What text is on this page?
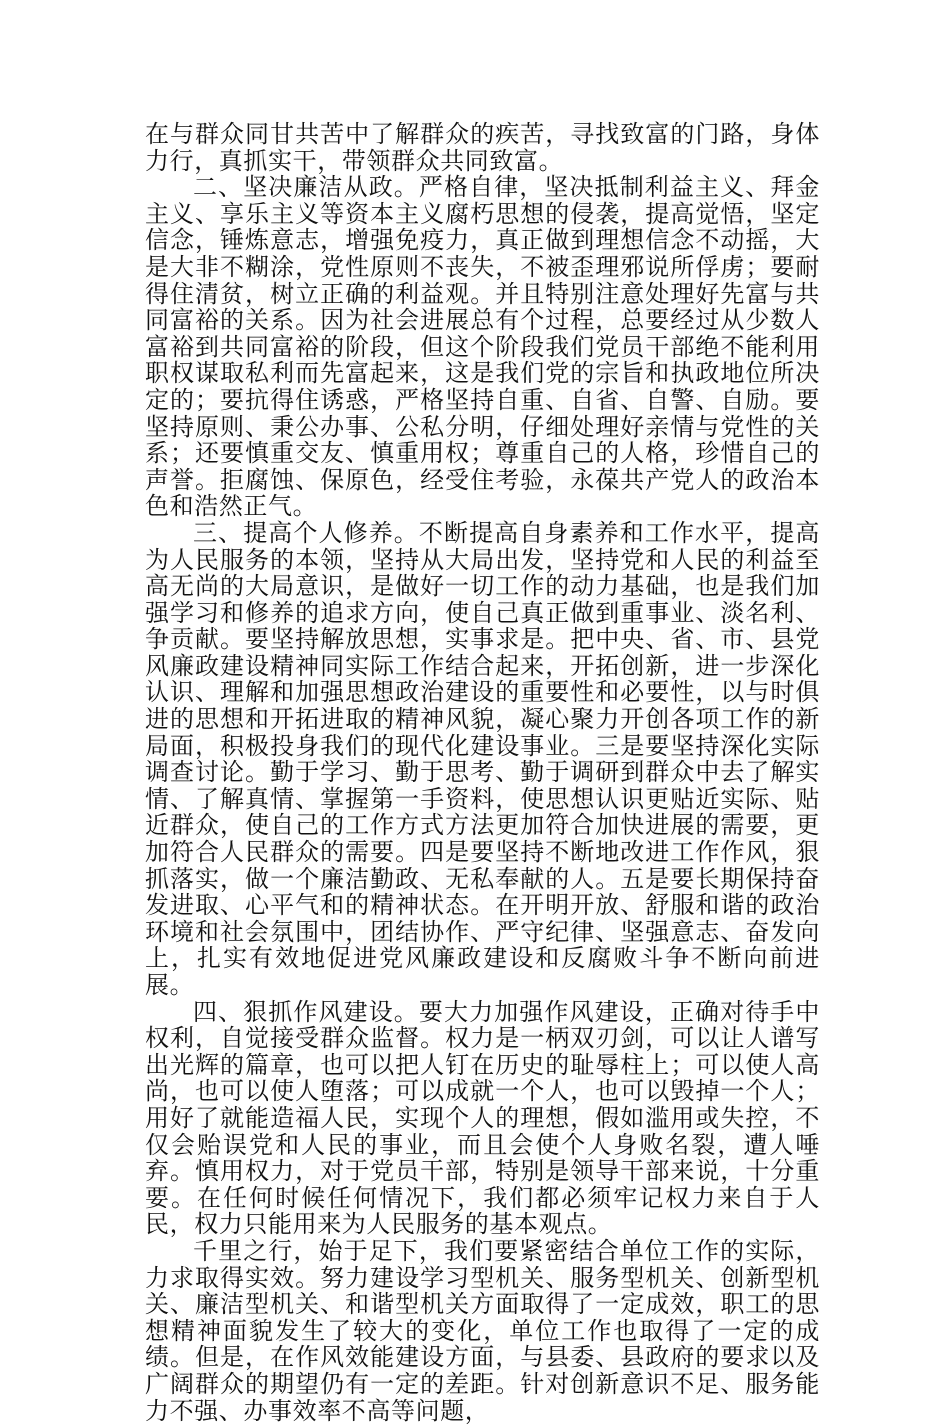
在与群众同甘共苦中了解群众的疾苦，寻找致富的门路，身体力行，真抓实干，带领群众共同致富。

二、坚决廉洁从政。严格自律，坚决抵制利益主义、拜金主义、享乐主义等资本主义腐朽思想的侵袭，提高觉悟，坚定信念，锤炼意志，增强免疫力，真正做到理想信念不动摇，大是大非不糊涂，党性原则不丧失，不被歪理邪说所俘虏；要耐得住清贫，树立正确的利益观。并且特别注意处理好先富与共同富裕的关系。因为社会进展总有个过程，总要经过从少数人富裕到共同富裕的阶段，但这个阶段我们党员干部绝不能利用职权谋取私利而先富起来，这是我们党的宗旨和执政地位所决定的；要抗得住诱惑，严格坚持自重、自省、自警、自励。要坚持原则、秉公办事、公私分明，仔细处理好亲情与党性的关系；还要慎重交友、慎重用权；尊重自己的人格，珍惜自己的声誉。拒腐蚀、保原色，经受住考验，永葆共产党人的政治本色和浩然正气。

三、提高个人修养。不断提高自身素养和工作水平，提高为人民服务的本领，坚持从大局出发，坚持党和人民的利益至高无尚的大局意识，是做好一切工作的动力基础，也是我们加强学习和修养的追求方向，使自己真正做到重事业、淡名利、争贡献。要坚持解放思想，实事求是。把中央、省、市、县党风廉政建设精神同实际工作结合起来，开拓创新，进一步深化认识、理解和加强思想政治建设的重要性和必要性，以与时俱进的思想和开拓进取的精神风貌，凝心聚力开创各项工作的新局面，积极投身我们的现代化建设事业。三是要坚持深化实际调查讨论。勤于学习、勤于思考、勤于调研到群众中去了解实情、了解真情、掌握第一手资料，使思想认识更贴近实际、贴近群众，使自己的工作方式方法更加符合加快进展的需要，更加符合人民群众的需要。四是要坚持不断地改进工作作风，狠抓落实，做一个廉洁勤政、无私奉献的人。五是要长期保持奋发进取、心平气和的精神状态。在开明开放、舒服和谐的政治环境和社会氛围中，团结协作、严守纪律、坚强意志、奋发向上，扎实有效地促进党风廉政建设和反腐败斗争不断向前进展。

四、狠抓作风建设。要大力加强作风建设，正确对待手中权利，自觉接受群众监督。权力是一柄双刃剑，可以让人谱写出光辉的篇章，也可以把人钉在历史的耻辱柱上；可以使人高尚，也可以使人堕落；可以成就一个人，也可以毁掉一个人；用好了就能造福人民，实现个人的理想，假如滥用或失控，不仅会贻误党和人民的事业，而且会使个人身败名裂，遭人唾弃。慎用权力，对于党员干部，特别是领导干部来说，十分重要。在任何时候任何情况下，我们都必须牢记权力来自于人民，权力只能用来为人民服务的基本观点。

千里之行，始于足下，我们要紧密结合单位工作的实际，力求取得实效。努力建设学习型机关、服务型机关、创新型机关、廉洁型机关、和谐型机关方面取得了一定成效，职工的思想精神面貌发生了较大的变化，单位工作也取得了一定的成绩。但是，在作风效能建设方面，与县委、县政府的要求以及广阔群众的期望仍有一定的差距。针对创新意识不足、服务能力不强、办事效率不高等问题，
